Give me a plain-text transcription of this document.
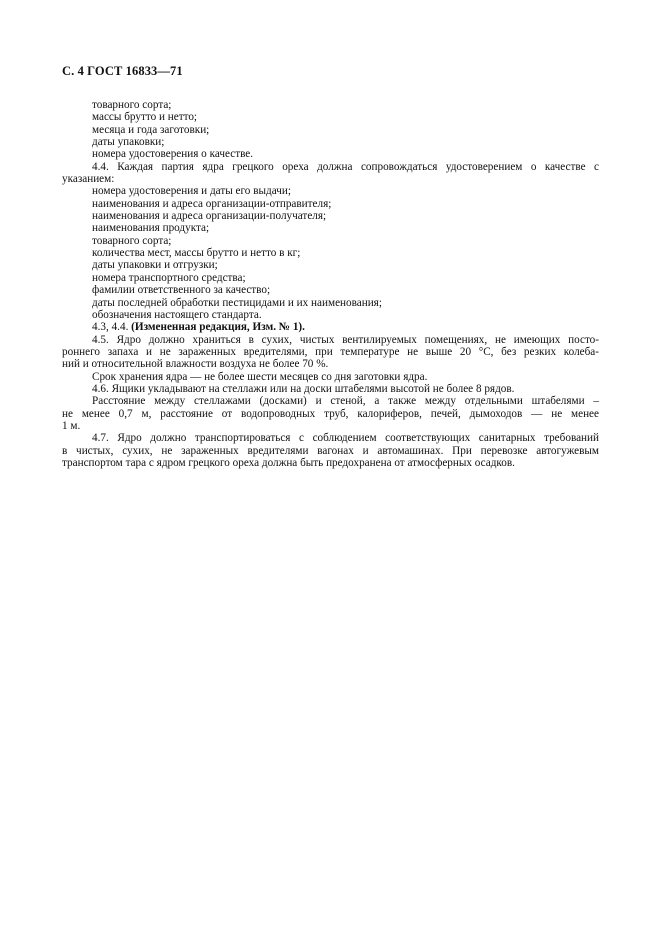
С. 4 ГОСТ 16833—71
товарного сорта;
массы брутто и нетто;
месяца и года заготовки;
даты упаковки;
номера удостоверения о качестве.
4.4. Каждая партия ядра грецкого ореха должна сопровождаться удостоверением о качестве с
указанием:
номера удостоверения и даты его выдачи;
наименования и адреса организации-отправителя;
наименования и адреса организации-получателя;
наименования продукта;
товарного сорта;
количества мест, массы брутто и нетто в кг;
даты упаковки и отгрузки;
номера транспортного средства;
фамилии ответственного за качество;
даты последней обработки пестицидами и их наименования;
обозначения настоящего стандарта.
4.3, 4.4. (Измененная редакция, Изм. № 1).
4.5. Ядро должно храниться в сухих, чистых вентилируемых помещениях, не имеющих посто-
роннего запаха и не зараженных вредителями, при температуре не выше 20 °С, без резких колеба-
ний и относительной влажности воздуха не более 70 %.
Срок хранения ядра — не более шести месяцев со дня заготовки ядра.
4.6. Ящики укладывают на стеллажи или на доски штабелями высотой не более 8 рядов.
Расстояние между стеллажами (досками) и стеной, а также между отдельными штабелями –
не менее 0,7 м, расстояние от водопроводных труб, калориферов, печей, дымоходов — не менее
1 м.
4.7. Ядро должно транспортироваться с соблюдением соответствующих санитарных требований
в чистых, сухих, не зараженных вредителями вагонах и автомашинах. При перевозке автогужевым
транспортом тара с ядром грецкого ореха должна быть предохранена от атмосферных осадков.
